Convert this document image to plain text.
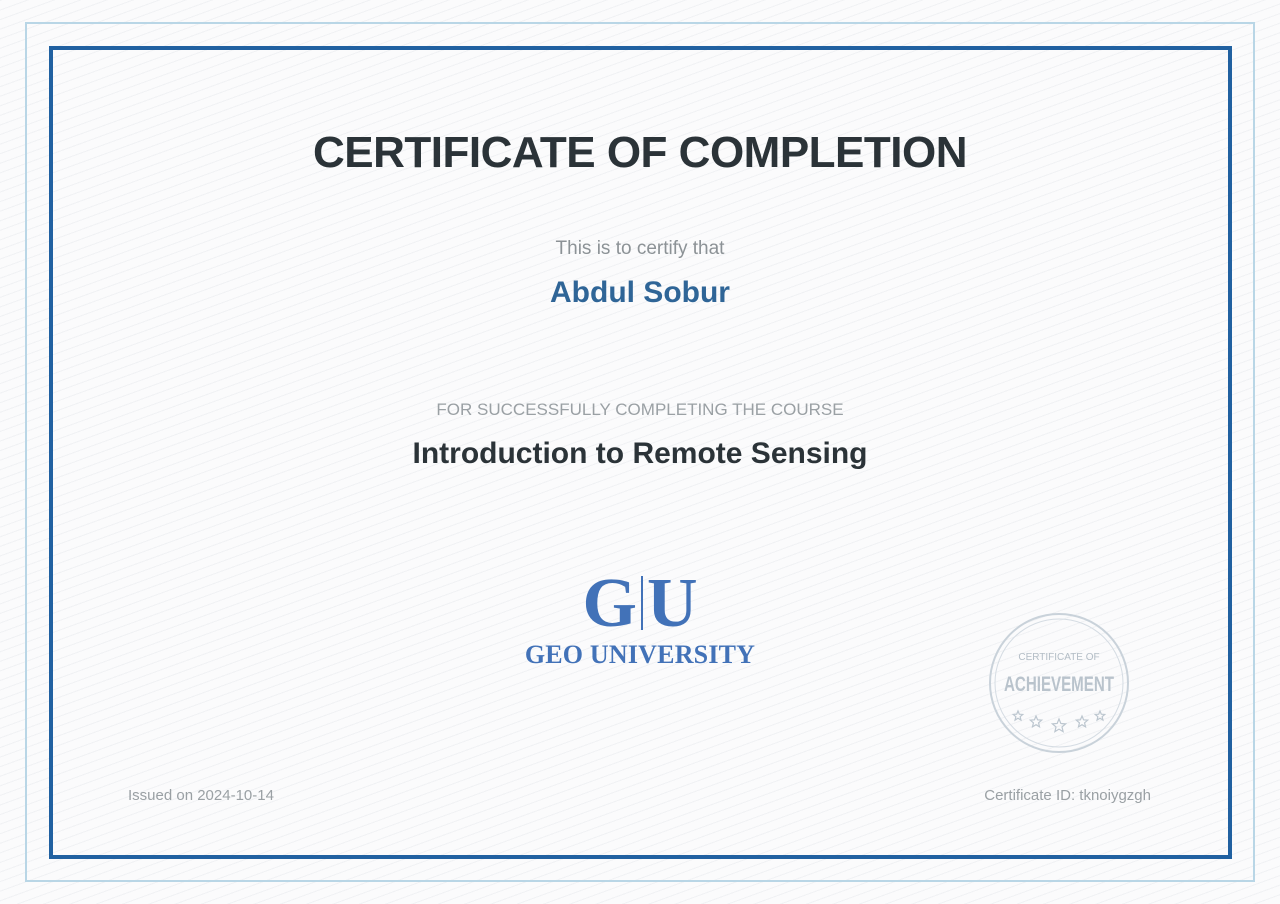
CERTIFICATE OF COMPLETION
This is to certify that
Abdul Sobur
FOR SUCCESSFULLY COMPLETING THE COURSE
Introduction to Remote Sensing
G U
GEO UNIVERSITY	CERTIFICATE OF
ACHIEVEMENT
Issued on 2024-10-14	Certificate ID: tknoiygzgh
